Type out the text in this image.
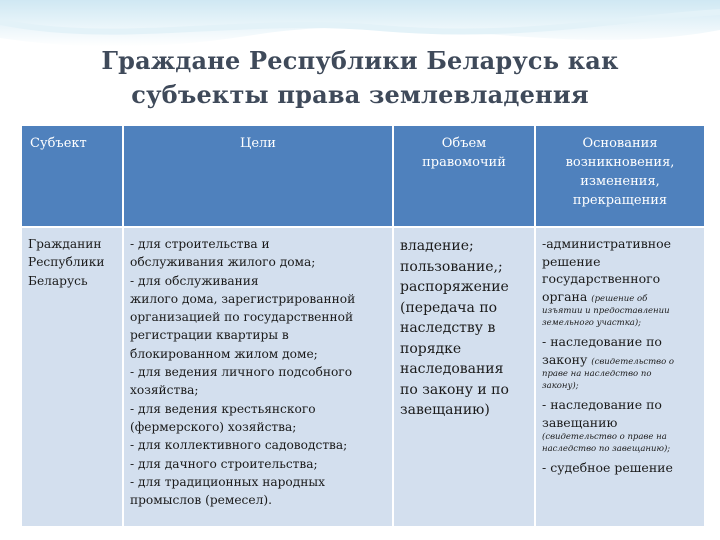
Граждане Республики Беларусь как
субъекты права землевладения
Субъект	Цели	Объем
правомочий
Основания
возникновения,
изменения,
прекращения
Гражданин
Республики
Беларусь
- для строительства и
обслуживания жилого дома;
- для обслуживания
жилого дома, зарегистрированной
организацией по государственной
регистрации квартиры в
блокированном жилом доме;
- для ведения личного подсобного
хозяйства;
- для ведения крестьянского
(фермерского) хозяйства;
- для коллективного садоводства;
- для дачного строительства;
- для традиционных народных
промыслов (ремесел).
владение;
пользование,;
распоряжение
(передача по
наследству в
порядке
наследования
по закону и по
завещанию)
-административное
решение
государственного
органа (решение об
изъятии и предоставлении
земельного участка);
- наследование по
закону (свидетельство о
праве на наследство по
закону);
- наследование по
завещанию
(свидетельство о праве на
наследство по завещанию);
- судебное решение
